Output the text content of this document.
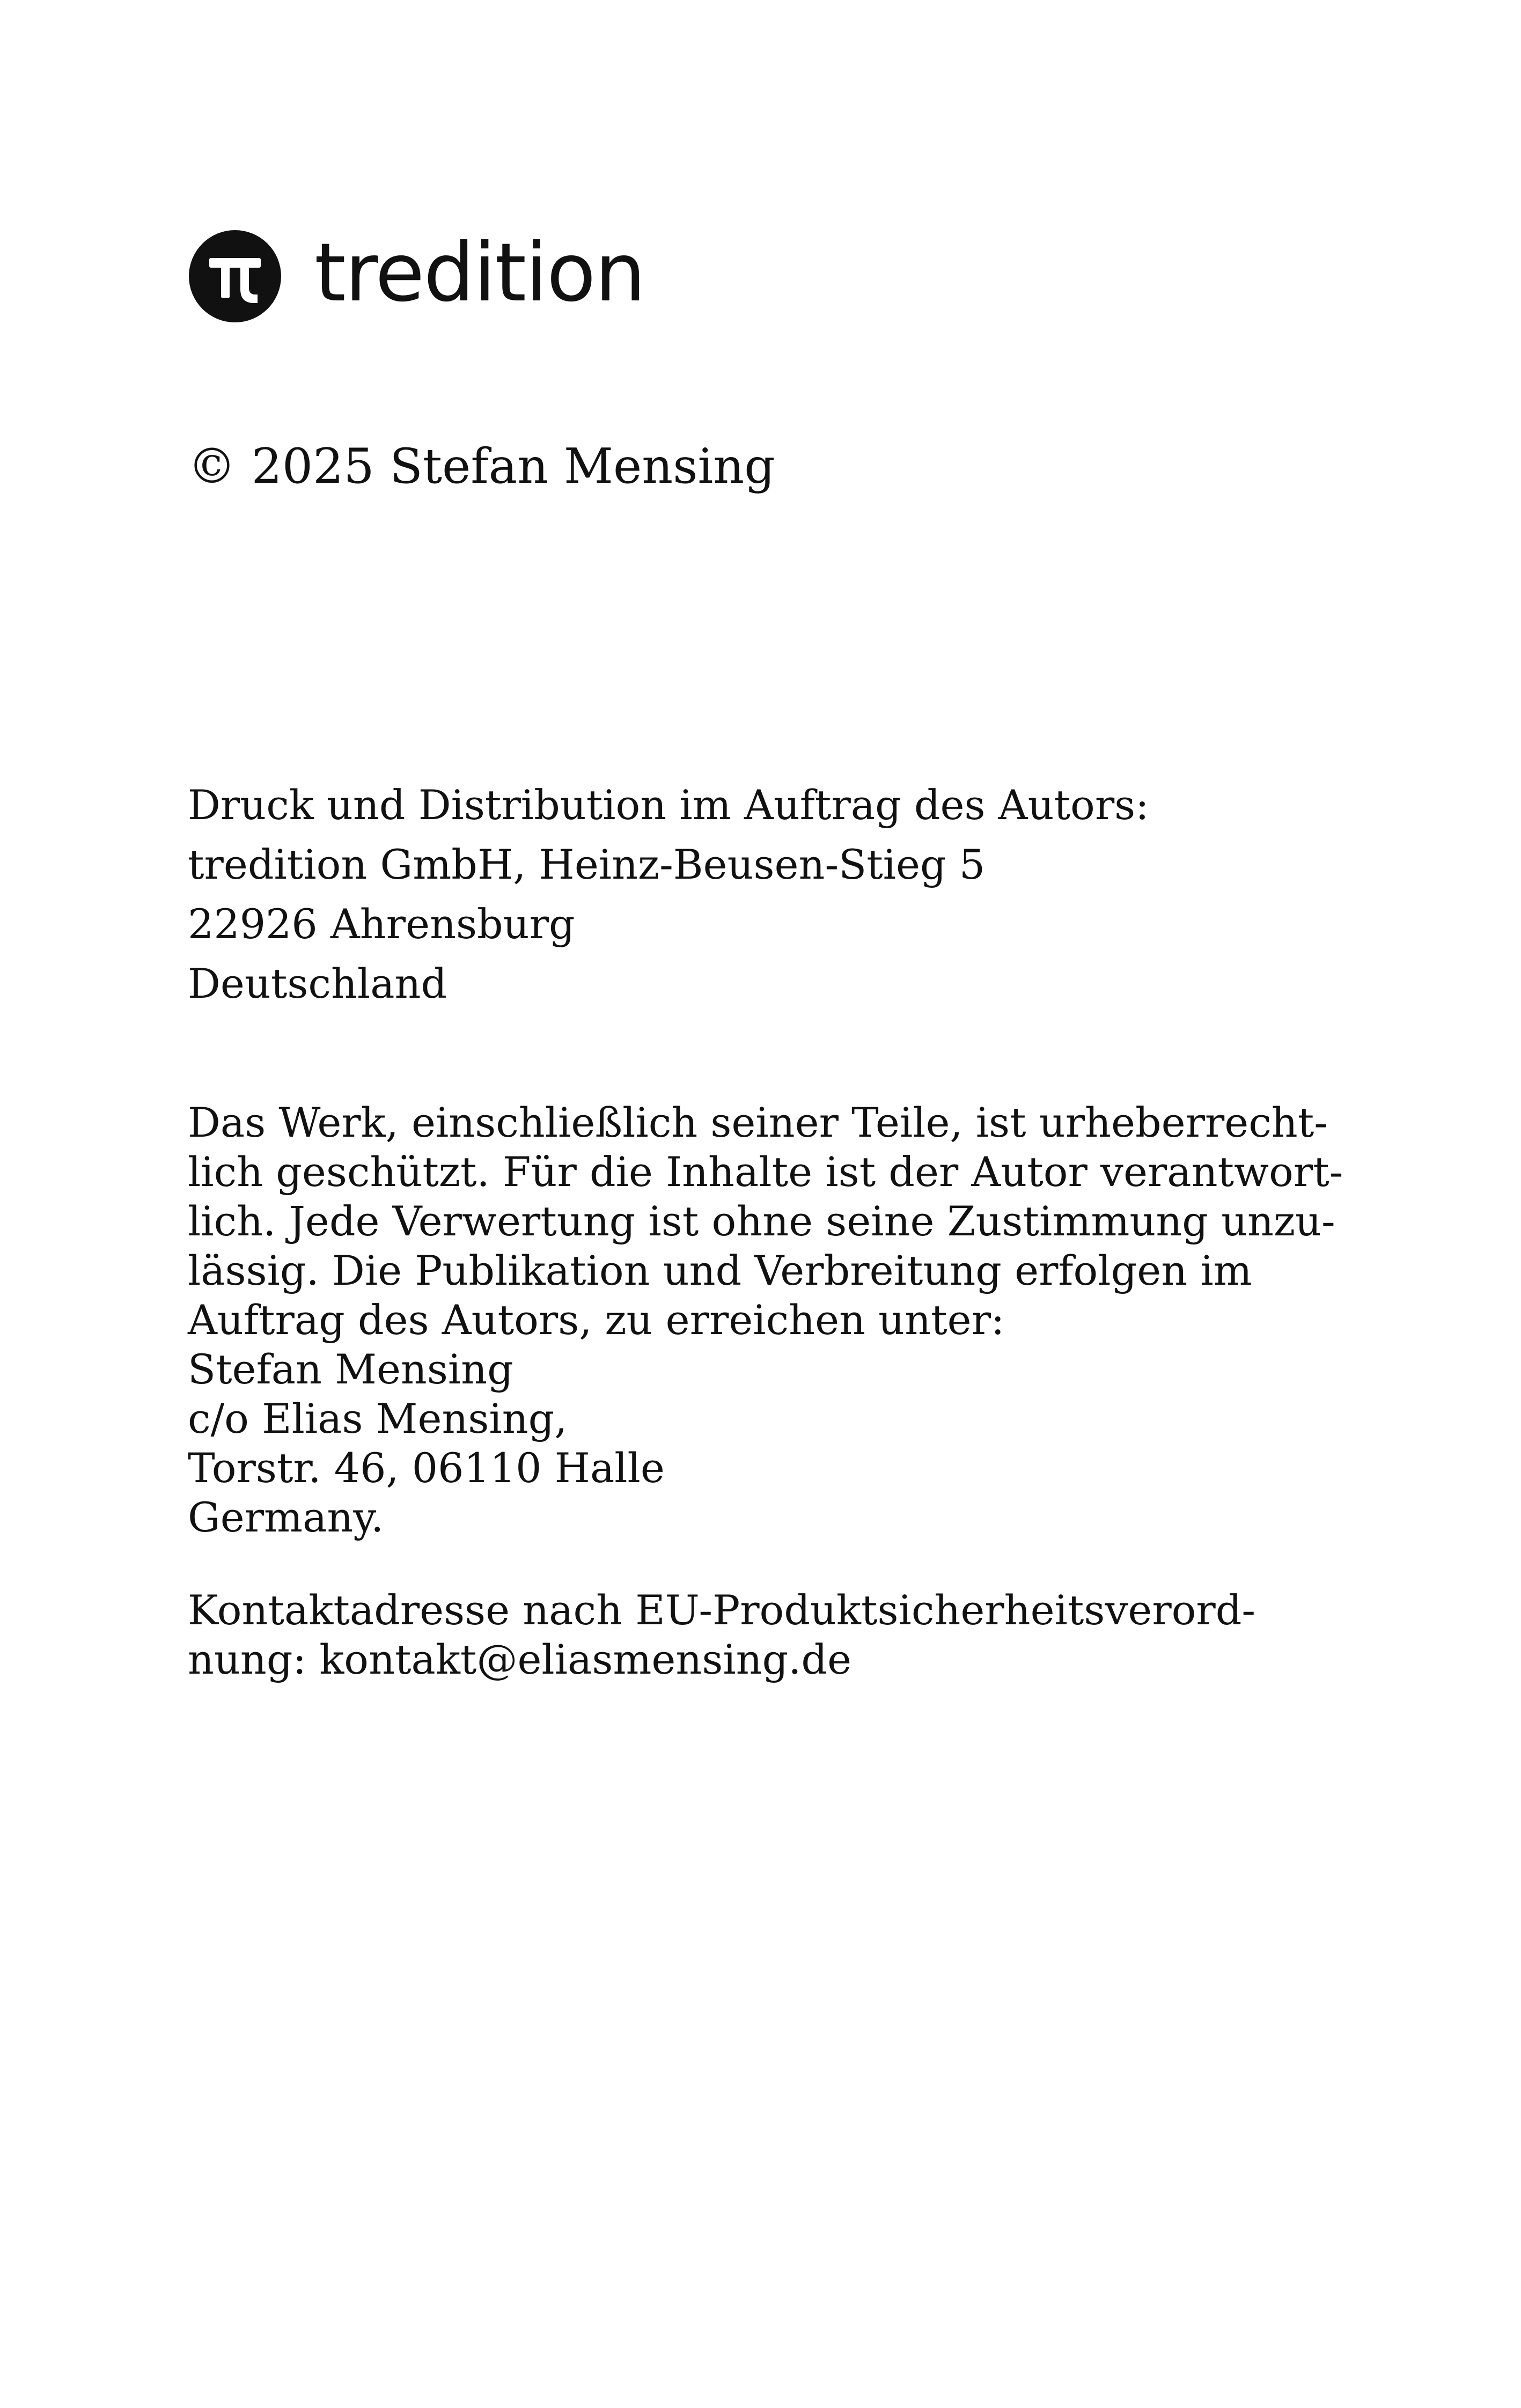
tredition
© 2025 Stefan Mensing
Druck und Distribution im Auftrag des Autors:
tredition GmbH, Heinz-Beusen-Stieg 5
22926 Ahrensburg
Deutschland
Das Werk, einschließlich seiner Teile, ist urheberrecht-
lich geschützt. Für die Inhalte ist der Autor verantwort-
lich. Jede Verwertung ist ohne seine Zustimmung unzu-
lässig. Die Publikation und Verbreitung erfolgen im
Auftrag des Autors, zu erreichen unter:
Stefan Mensing
c/o Elias Mensing,
Torstr. 46, 06110 Halle
Germany.
Kontaktadresse nach EU-Produktsicherheitsverord-
nung: kontakt@eliasmensing.de
